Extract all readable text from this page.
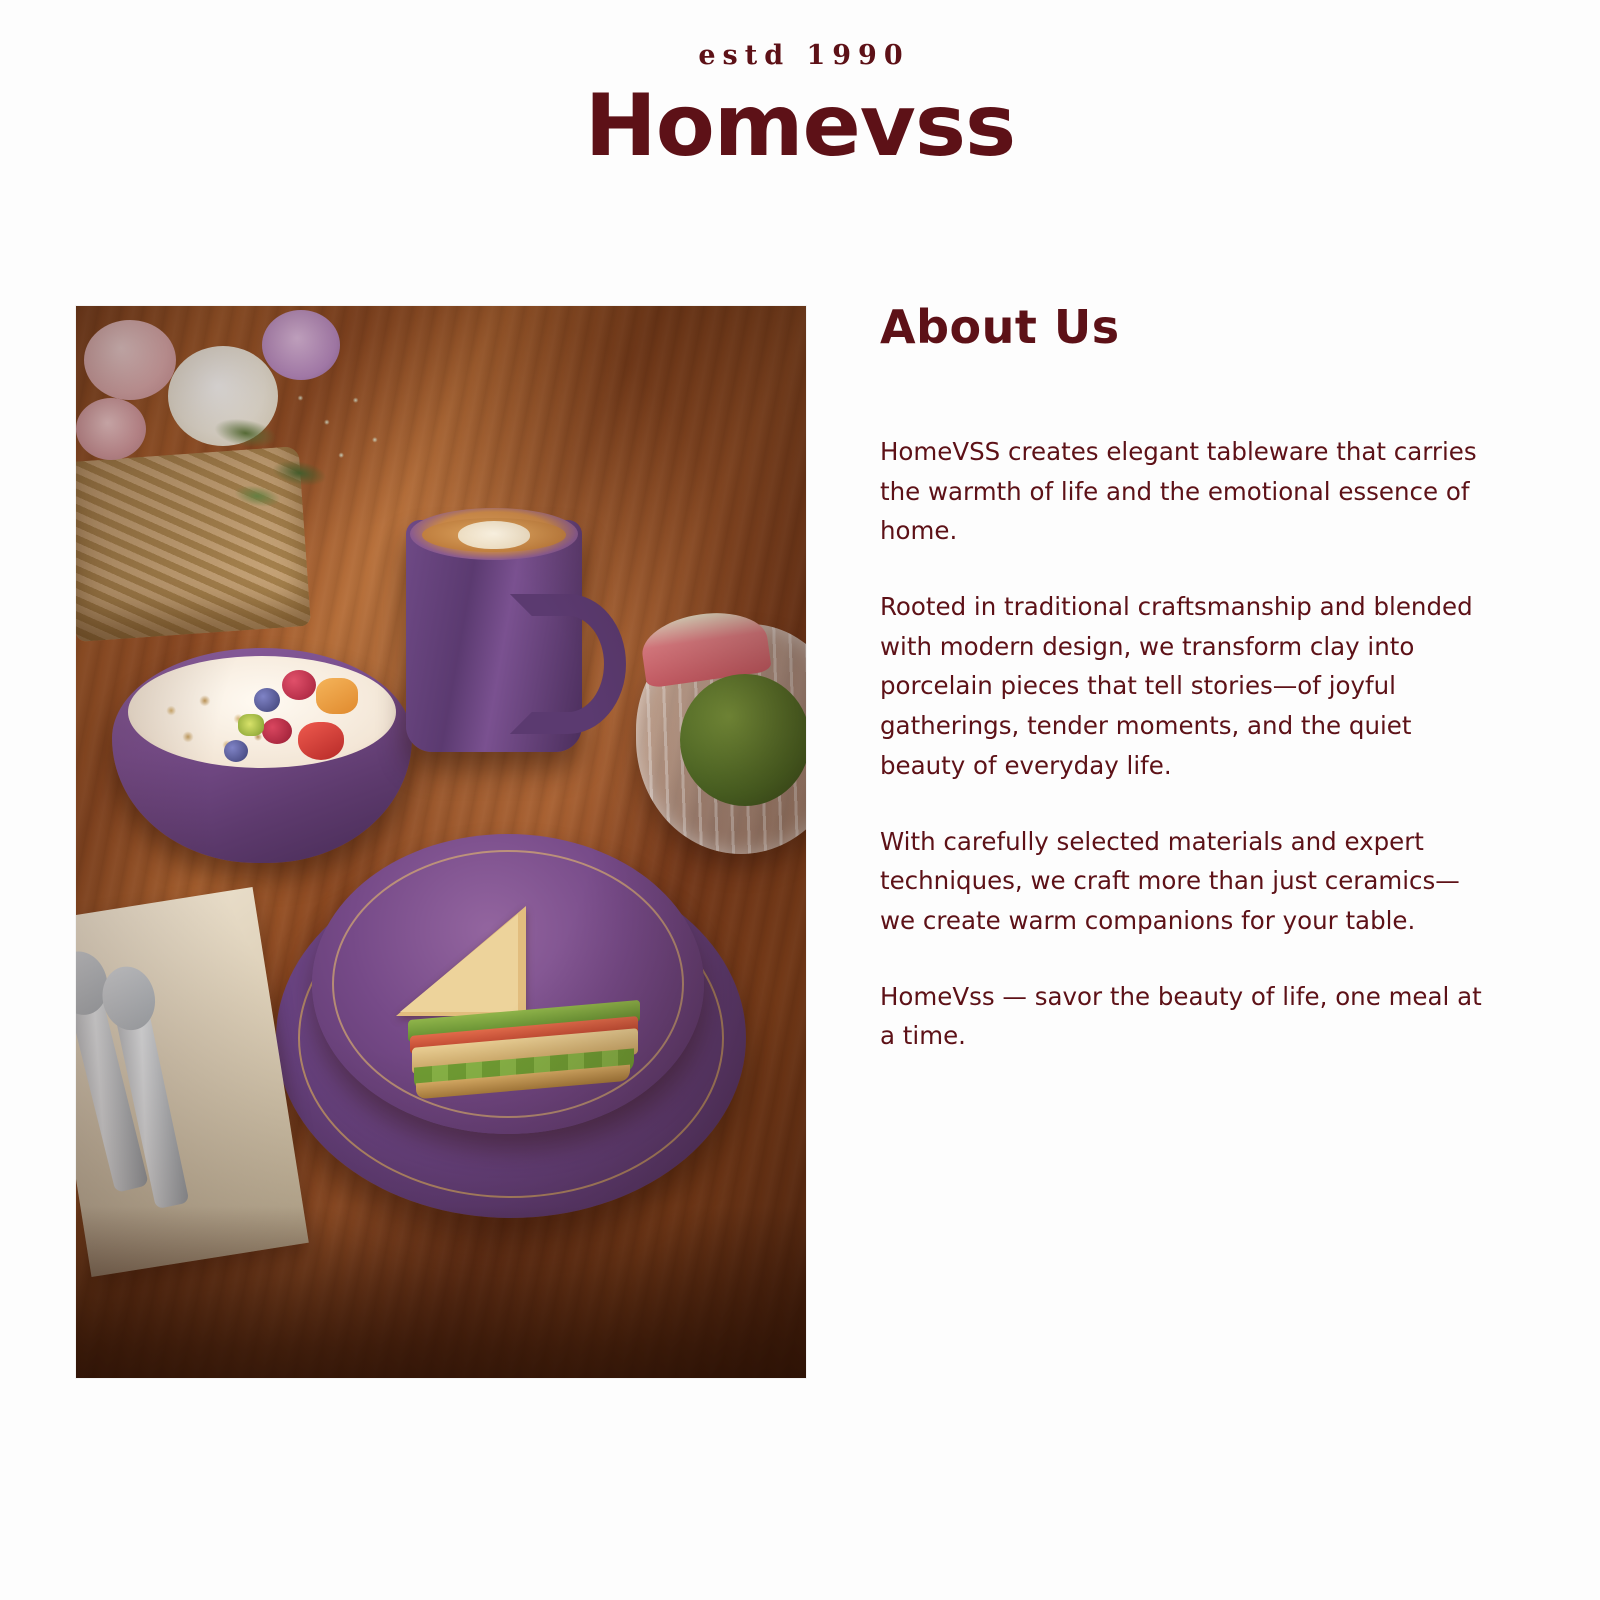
estd 1990
Homevss
About Us

HomeVSS creates elegant tableware that carries the warmth of life and the emotional essence of home.

Rooted in traditional craftsmanship and blended with modern design, we transform clay into porcelain pieces that tell stories—of joyful gatherings, tender moments, and the quiet beauty of everyday life.

With carefully selected materials and expert techniques, we craft more than just ceramics—we create warm companions for your table.

HomeVss — savor the beauty of life, one meal at a time.
